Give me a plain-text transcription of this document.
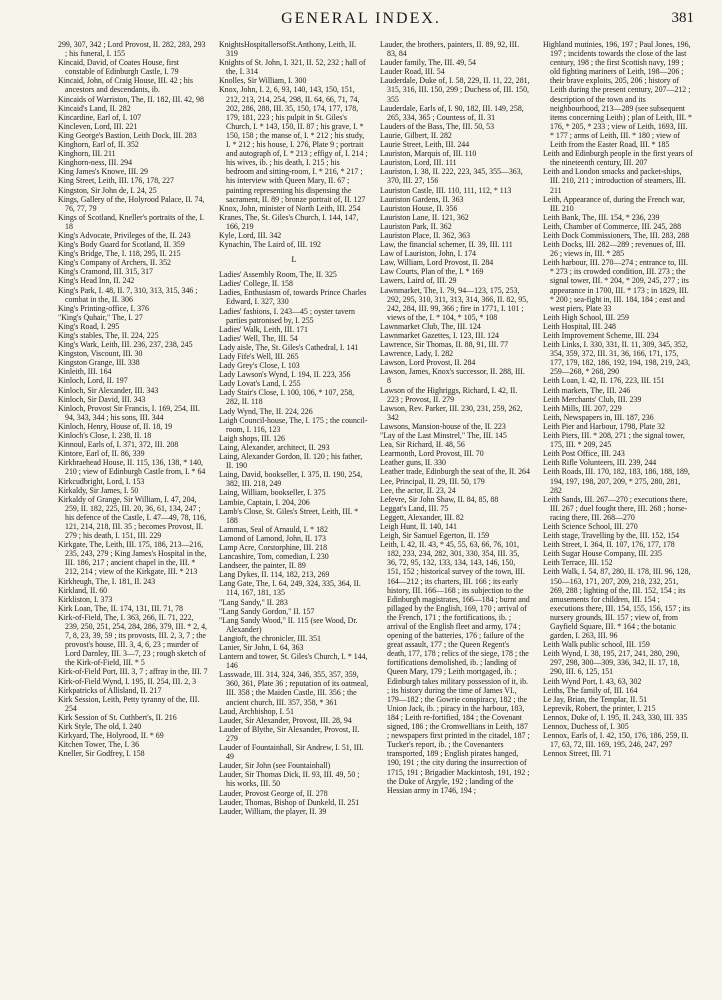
GENERAL INDEX.	381

299, 307, 342 ; Lord Provost, II. 282, 283, 293 ; his funeral, I. 155

Kincaid, David, of Coates House, first constable of Edinburgh Castle, I. 79

Kincaid, John, of Craig House, III. 42 ; his ancestors and descendants, ib.

Kincaids of Warriston, The, II. 182, III. 42, 98

Kincaid's Land, II. 282

Kincardine, Earl of, I. 107

Kincleven, Lord, III. 221

King George's Bastion, Leith Dock, III. 283

Kinghorn, Earl of, II. 352

Kinghorn, III. 211

Kinghorn-ness, III. 294

King James's Knowe, III. 29

King Street, Leith, III. 176, 178, 227

Kingston, Sir John de, I. 24, 25

Kings, Gallery of the, Holyrood Palace, II. 74, 76, 77, 79

Kings of Scotland, Kneller's portraits of the, I. 18

King's Advocate, Privileges of the, II. 243

King's Body Guard for Scotland, II. 359

King's Bridge, The, I. 118, 295, II. 215

King's Company of Archers, II. 352

King's Cramond, III. 315, 317

King's Head Inn, II. 242

King's Park, I. 48, II. 7, 310, 313, 315, 346 ; combat in the, II. 306

King's Printing-office, I. 376

"King's Quhair," The, I. 27

King's Road, I. 295

King's stables, The, II. 224, 225

King's Wark, Leith, III. 236, 237, 238, 245

Kingston, Viscount, III. 30

Kingston Grange, III. 338

Kinleith, III. 164

Kinloch, Lord, II. 197

Kinloch, Sir Alexander, III. 343

Kinloch, Sir David, III. 343

Kinloch, Provost Sir Francis, I. 169, 254, III. 94, 343, 344 ; his sons, III. 344

Kinloch, Henry, House of, II. 18, 19

Kinloch's Close, I. 238, II. 18

Kinnoul, Earls of, I. 371, 372, III. 208

Kintore, Earl of, II. 86, 339

Kirkbraehead House, II. 115, 136, 138, * 140, 210 ; view of Edinburgh Castle from, I. * 64

Kirkcudbright, Lord, I. 153

Kirkaldy, Sir James, I. 50

Kirkaldy of Grange, Sir William, I. 47, 204, 259, II. 182, 225, III. 20, 36, 61, 134, 247 ; his defence of the Castle, I. 47—49, 78, 116, 121, 214, 218, III. 35 ; becomes Provost, II. 279 ; his death, I. 151, III. 229

Kirkgate, The, Leith, III. 175, 186, 213—216, 235, 243, 279 ; King James's Hospital in the, III. 186, 217 ; ancient chapel in the, III. * 212, 214 ; view of the Kirkgate, III. * 213

Kirkheugh, The, I. 181, II. 243

Kirkland, II. 60

Kirkliston, I. 373

Kirk Loan, The, II. 174, 131, III. 71, 78

Kirk-of-Field, The, I. 363, 266, II. 71, 222, 239, 250, 251, 254, 284, 286, 379, III. * 2, 4, 7, 8, 23, 39, 59 ; its provosts, III. 2, 3, 7 ; the provost's house, III. 3, 4, 6, 23 ; murder of Lord Darnley, III. 3—7, 23 ; rough sketch of the Kirk-of-Field, III. * 5

Kirk-of-Field Port, III. 3, 7 ; affray in the, III. 7

Kirk-of-Field Wynd, I. 195, II. 254, III. 2, 3

Kirkpatricks of Allisland, II. 217

Kirk Session, Leith, Petty tyranny of the, III. 254

Kirk Session of St. Cuthbert's, II. 216

Kirk Style, The old, I. 240

Kirkyard, The, Holyrood, II. * 69

Kitchen Tower, The, I. 36

Kneller, Sir Godfrey, I. 158

KnightsHospitallersofSt.Anthony, Leith, II. 319

Knights of St. John, I. 321, II. 52, 232 ; hall of the, I. 314

Knolles, Sir William, I. 300

Knox, John, I. 2, 6, 93, 140, 143, 150, 151, 212, 213, 214, 254, 298, II. 64, 66, 71, 74, 202, 286, 288, III. 35, 150, 174, 177, 178, 179, 181, 223 ; his pulpit in St. Giles's Church, I. * 143, 150, II. 87 ; his grave, I. * 150, 158 ; the manse of, I. * 212 ; his study, I. * 212 ; his house, I. 276, Plate 9 ; portrait and autograph of, I. * 213 ; effigy of, I. 214 ; his wives, ib. ; his death, I. 215 ; his bedroom and sitting-room, I. * 216, * 217 ; his interview with Queen Mary, II. 67 ; painting representing his dispensing the sacrament, II. 89 ; bronze portrait of, II. 127

Knox, John, minister of North Leith, III. 254

Kranes, The, St. Giles's Church, I. 144, 147, 166, 219

Kyle, Lord, III. 342

Kynachin, The Laird of, III. 192

L

Ladies' Assembly Room, The, II. 325

Ladies' College, II. 158

Ladies, Enthusiasm of, towards Prince Charles Edward, I. 327, 330

Ladies' fashions, I. 243—45 ; oyster tavern parties patronised by, I. 255

Ladies' Walk, Leith, III. 171

Ladies' Well, The, III. 54

Lady aisle, The, St. Giles's Cathedral, I. 141

Lady Fife's Well, III. 265

Lady Grey's Close, I. 103

Lady Lawson's Wynd, I. 194, II. 223, 356

Lady Lovat's Land, I. 255

Lady Stair's Close, I. 100, 106, * 107, 258, 282, II. 118

Lady Wynd, The, II. 224, 226

Laigh Council-house, The, I. 175 ; the council-room, I. 116, 123

Laigh shops, III. 126

Laing, Alexander, architect, II. 293

Laing, Alexander Gordon, II. 120 ; his father, II. 190

Laing, David, bookseller, I. 375, II. 190, 254, 382, III. 218, 249

Laing, William, bookseller, I. 375

Lambie, Captain, I. 204, 206

Lamb's Close, St. Giles's Street, Leith, III. * 188

Lammas, Seal of Arnauld, I. * 182

Lamond of Lamond, John, II. 173

Lamp Acre, Corstorphine, III. 218

Lancashire, Tom, comedian, I. 230

Landseer, the painter, II. 89

Lang Dykes, II. 114, 182, 213, 269

Lang Gate, The, I. 64, 249, 324, 335, 364, II. 114, 167, 181, 135

"Lang Sandy," II. 283

"Lang Sandy Gordon," II. 157

"Lang Sandy Wood," II. 115 (see Wood, Dr. Alexander)

Langtoft, the chronicler, III. 351

Lanier, Sir John, I. 64, 363

Lantern and tower, St. Giles's Church, I. * 144, 146

Lasswade, III. 314, 324, 346, 355, 357, 359, 360, 361, Plate 36 ; reputation of its oatmeal, III. 358 ; the Maiden Castle, III. 356 ; the ancient church, III. 357, 358, * 361

Laud, Archbishop, I. 51

Lauder, Sir Alexander, Provost, III. 28, 94

Lauder of Blythe, Sir Alexander, Provost, II. 279

Lauder of Fountainhall, Sir Andrew, I. 51, III. 49

Lauder, Sir John (see Fountainhall)

Lauder, Sir Thomas Dick, II. 93, III. 49, 50 ; his works, III. 50

Lauder, Provost George of, II. 278

Lauder, Thomas, Bishop of Dunkeld, II. 251

Lauder, William, the player, II. 39

Lauder, the brothers, painters, II. 89, 92, III. 83, 84

Lauder family, The, III. 49, 54

Lauder Road, III. 54

Lauderdale, Duke of, I. 58, 229, II. 11, 22, 281, 315, 316, III. 150, 299 ; Duchess of, III. 150, 355

Lauderdale, Earls of, I. 90, 182, III. 149, 258, 265, 334, 365 ; Countess of, II. 31

Lauders of the Bass, The, III. 50, 53

Laurie, Gilbert, II. 282

Laurie Street, Leith, III. 244

Lauriston, Marquis of, III. 110

Lauriston, Lord, III. 111

Lauriston, I. 38, II. 222, 223, 345, 355—363, 370, III. 27, 156

Lauriston Castle, III. 110, 111, 112, * 113

Lauriston Gardens, II. 363

Lauriston House, II. 356

Lauriston Lane, II. 121, 362

Lauriston Park, II. 362

Lauriston Place, II. 362, 363

Law, the financial schemer, II. 39, III. 111

Law of Lauriston, John, I. 174

Law, William, Lord Provost, II. 284

Law Courts, Plan of the, I. * 169

Lawers, Laird of, III. 29

Lawnmarket, The, I. 79, 94—123, 175, 253, 292, 295, 310, 311, 313, 314, 366, II. 82, 95, 242, 284, III. 99, 366 ; fire in 1771, I. 101 ; views of the, I. * 104, * 105, * 108

Lawnmarket Club, The, III. 124

Lawnmarket Gazettes, I. 123, III. 124

Lawrence, Sir Thomas, II. 88, 91, III. 77

Lawrence, Lady, I. 282

Lawson, Lord Provost, II. 284

Lawson, James, Knox's successor, II. 288, III. 8

Lawson of the Highriggs, Richard, I. 42, II. 223 ; Provost, II. 279

Lawson, Rev. Parker, III. 230, 231, 259, 262, 342

Lawsons, Mansion-house of the, II. 223

"Lay of the Last Minstrel," The, III. 145

Lea, Sir Richard, II. 48, 56

Learmonth, Lord Provost, III. 70

Leather guns, II. 330

Leather trade, Edinburgh the seat of the, II. 264

Lee, Principal, II. 29, III. 50, 179

Lee, the actor, II. 23, 24

Lefevre, Sir John Shaw, II. 84, 85, 88

Leggat's Land, III. 75

Leggett, Alexander, III. 82

Leigh Hunt, II. 140, 141

Leigh, Sir Samuel Egerton, II. 159

Leith, I. 42, II. 43, * 45, 55, 63, 66, 76, 101, 182, 233, 234, 282, 301, 330, 354, III. 35, 36, 72, 95, 132, 133, 134, 143, 146, 150, 151, 152 ; historical survey of the town, III. 164—212 ; its charters, III. 166 ; its early history, III. 166—168 ; its subjection to the Edinburgh magistrates, 166—184 ; burnt and pillaged by the English, 169, 170 ; arrival of the French, 171 ; the fortifications, ib. ; arrival of the English fleet and army, 174 ; opening of the batteries, 176 ; failure of the great assault, 177 ; the Queen Regent's death, 177, 178 ; relics of the siege, 178 ; the fortifications demolished, ib. ; landing of Queen Mary, 179 ; Leith mortgaged, ib. ; Edinburgh takes military possession of it, ib. ; its history during the time of James VI., 179—182 ; the Gowrie conspiracy, 182 ; the Union Jack, ib. ; piracy in the harbour, 183, 184 ; Leith re-fortified, 184 ; the Covenant signed, 186 ; the Cromwellians in Leith, 187 ; newspapers first printed in the citadel, 187 ; Tucker's report, ib. ; the Covenanters transported, 189 ; English pirates hanged, 190, 191 ; the city during the insurrection of 1715, 191 ; Brigadier Mackintosh, 191, 192 ; the Duke of Argyle, 192 ; landing of the Hessian army in 1746, 194 ;

Highland mutinies, 196, 197 ; Paul Jones, 196, 197 ; incidents towards the close of the last century, 198 ; the first Scottish navy, 199 ; old fighting mariners of Leith, 198—206 ; their brave exploits, 205, 206 ; history of Leith during the present century, 207—212 ; description of the town and its neighbourhood, 213—289 (see subsequent items concerning Leith) ; plan of Leith, III. * 176, * 205, * 233 ; view of Leith, 1693, III. * 177 ; arms of Leith, III. * 180 ; view of Leith from the Easter Road, III. * 185

Leith and Edinburgh people in the first years of the nineteenth century, III. 207

Leith and London smacks and packet-ships, III. 210, 211 ; introduction of steamers, III. 211

Leith, Appearance of, during the French war, III. 210

Leith Bank, The, III. 154, * 236, 239

Leith, Chamber of Commerce, III. 245, 288

Leith Dock Commissioners, The, III. 283, 288

Leith Docks, III. 282—289 ; revenues of, III. 26 ; views in, III. * 285

Leith harbour, III. 270—274 ; entrance to, III. * 273 ; its crowded condition, III. 273 ; the signal tower, III. * 204, * 209, 245, 277 ; its appearance in 1700, III. * 173 ; in 1829, III. * 200 ; sea-fight in, III. 184, 184 ; east and west piers, Plate 33

Leith High School, III. 259

Leith Hospital, III. 248

Leith Improvement Scheme, III. 234

Leith Links, I. 330, 331, II. 11, 309, 345, 352, 354, 359, 372, III. 31, 36, 166, 171, 175, 177, 179, 182, 186, 192, 194, 198, 219, 243, 259—268, * 268, 290

Leith Loan, I. 42, II. 176, 223, III. 151

Leith markets, The, III. 246

Leith Merchants' Club, III. 239

Leith Mills, III. 207, 229

Leith, Newspapers in, III. 187, 236

Leith Pier and Harbour, 1798, Plate 32

Leith Piers, III. * 208, 271 ; the signal tower, 175, III. * 209, 245

Leith Post Office, III. 243

Leith Rifle Volunteers, III. 239, 244

Leith Roads, III. 170, 182, 183, 186, 188, 189, 194, 197, 198, 207, 209, * 275, 280, 281, 282

Leith Sands, III. 267—270 ; executions there, III. 267 ; duel fought there, III. 268 ; horse-racing there, III. 268—270

Leith Science School, III. 270

Leith stage, Travelling by the, III. 152, 154

Leith Street, I. 364, II. 107, 176, 177, 178

Leith Sugar House Company, III. 235

Leith Terrace, III. 152

Leith Walk, I. 54, 87, 280, II. 178, III. 96, 128, 150—163, 171, 207, 209, 218, 232, 251, 269, 288 ; lighting of the, III. 152, 154 ; its amusements for children, III. 154 ; executions there, III. 154, 155, 156, 157 ; its nursery grounds, III. 157 ; view of, from Gayfield Square, III. * 164 ; the botanic garden, I. 263, III. 96

Leith Walk public school, III. 159

Leith Wynd, I. 38, 195, 217, 241, 280, 290, 297, 298, 300—309, 336, 342, II. 17, 18, 290, III. 6, 125, 151

Leith Wynd Port, I. 43, 63, 302

Leiths, The family of, III. 164

Le Jay, Brian, the Templar, II. 51

Leprevik, Robert, the printer, I. 215

Lennox, Duke of, I. 195, II. 243, 330, III. 335

Lennox, Duchess of, I. 305

Lennox, Earls of, I. 42, 150, 176, 186, 259, II. 17, 63, 72, III. 169, 195, 246, 247, 297

Lennox Street, III. 71
